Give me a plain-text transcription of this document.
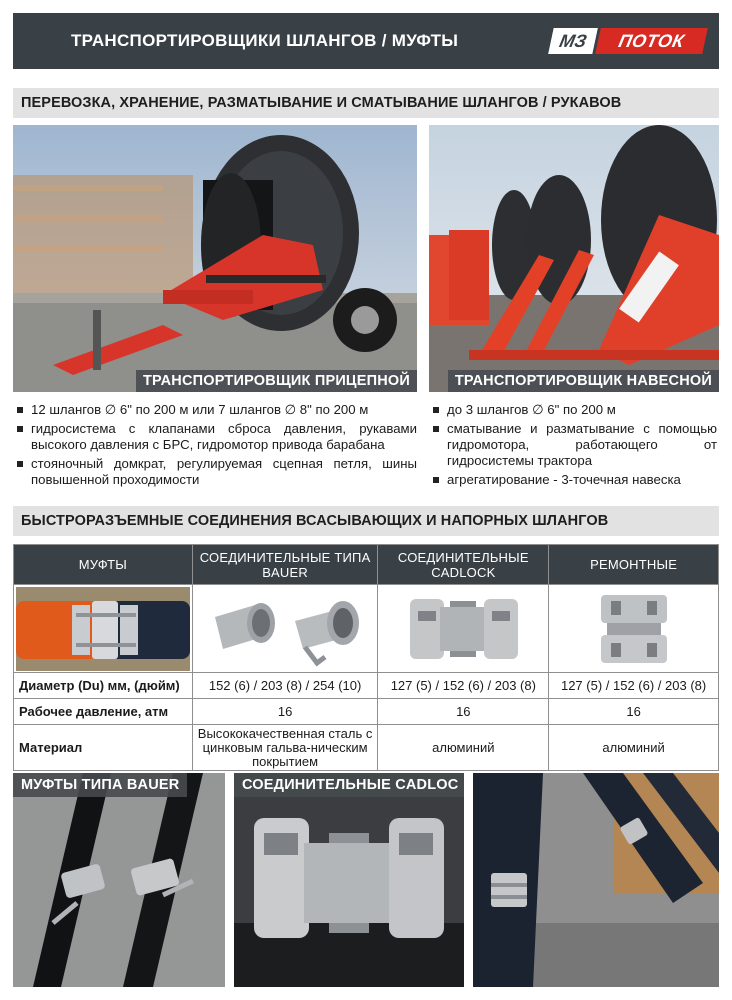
ТРАНСПОРТИРОВЩИКИ ШЛАНГОВ / МУФТЫ	МЗ	ПОТОК
ПЕРЕВОЗКА, ХРАНЕНИЕ, РАЗМАТЫВАНИЕ И СМАТЫВАНИЕ ШЛАНГОВ / РУКАВОВ
ТРАНСПОРТИРОВЩИК ПРИЦЕПНОЙ	ТРАНСПОРТИРОВЩИК НАВЕСНОЙ
12 шлангов ∅ 6" по 200 м или 7 шлангов ∅ 8" по 200 м
гидросистема с клапанами сброса давления, рукавами высокого давления с БРС, гидромотор привода барабана
стояночный домкрат, регулируемая сцепная петля, шины повышенной проходимости
до 3 шлангов ∅ 6" по 200 м
сматывание и разматывание с помощью гидромотора, работающего от гидросистемы трактора
агрегатирование - 3-точечная навеска
БЫСТРОРАЗЪЕМНЫЕ СОЕДИНЕНИЯ ВСАСЫВАЮЩИХ И НАПОРНЫХ ШЛАНГОВ
МУФТЫ	СОЕДИНИТЕЛЬНЫЕ ТИПА BAUER	СОЕДИНИТЕЛЬНЫЕ CADLOCK	РЕМОНТНЫЕ

Диаметр (Du) мм, (дюйм)	152 (6) / 203 (8) / 254 (10)	127 (5) / 152 (6) / 203 (8)	127 (5) / 152 (6) / 203 (8)
Рабочее давление, атм	16	16	16
Материал	Высококачественная сталь с цинковым гальва-ническим покрытием	алюминий	алюминий
МУФТЫ ТИПА BAUER	СОЕДИНИТЕЛЬНЫЕ CADLOC
